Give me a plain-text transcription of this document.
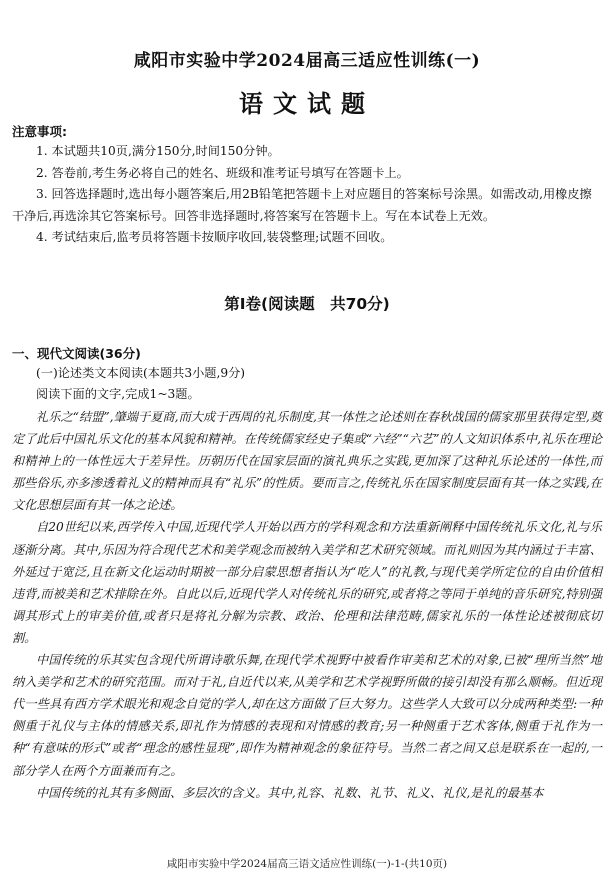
咸阳市实验中学2024届高三适应性训练(一)
语文试题
注意事项:

1. 本试题共10页,满分150分,时间150分钟。

2. 答卷前,考生务必将自己的姓名、班级和准考证号填写在答题卡上。

3. 回答选择题时,选出每小题答案后,用2B铅笔把答题卡上对应题目的答案标号涂黑。如需改动,用橡皮擦干净后,再选涂其它答案标号。回答非选择题时,将答案写在答题卡上。写在本试卷上无效。

4. 考试结束后,监考员将答题卡按顺序收回,装袋整理;试题不回收。

第Ⅰ卷(阅读题　共70分)
一、现代文阅读(36分)
(一)论述类文本阅读(本题共3小题,9分)
阅读下面的文字,完成1~3题。

礼乐之“结盟”,肇端于夏商,而大成于西周的礼乐制度,其一体性之论述则在春秋战国的儒家那里获得定型,奠定了此后中国礼乐文化的基本风貌和精神。在传统儒家经史子集或“六经”“六艺”的人文知识体系中,礼乐在理论和精神上的一体性远大于差异性。历朝历代在国家层面的演礼典乐之实践,更加深了这种礼乐论述的一体性,而那些俗乐,亦多渗透着礼义的精神而具有“礼乐”的性质。要而言之,传统礼乐在国家制度层面有其一体之实践,在文化思想层面有其一体之论述。

自20世纪以来,西学传入中国,近现代学人开始以西方的学科观念和方法重新阐释中国传统礼乐文化,礼与乐逐渐分离。其中,乐因为符合现代艺术和美学观念而被纳入美学和艺术研究领域。而礼则因为其内涵过于丰富、外延过于宽泛,且在新文化运动时期被一部分启蒙思想者指认为“吃人”的礼教,与现代美学所定位的自由价值相违背,而被美和艺术排除在外。自此以后,近现代学人对传统礼乐的研究,或者将之等同于单纯的音乐研究,特别强调其形式上的审美价值,或者只是将礼分解为宗教、政治、伦理和法律范畴,儒家礼乐的一体性论述被彻底切割。

中国传统的乐其实包含现代所谓诗歌乐舞,在现代学术视野中被看作审美和艺术的对象,已被“理所当然”地纳入美学和艺术的研究范围。而对于礼,自近代以来,从美学和艺术学视野所做的接引却没有那么顺畅。但近现代一些具有西方学术眼光和观念自觉的学人,却在这方面做了巨大努力。这些学人大致可以分成两种类型:一种侧重于礼仪与主体的情感关系,即礼作为情感的表现和对情感的教育;另一种侧重于艺术客体,侧重于礼作为一种“有意味的形式”或者“理念的感性显现”,即作为精神观念的象征符号。当然二者之间又总是联系在一起的,一部分学人在两个方面兼而有之。

中国传统的礼其有多侧面、多层次的含义。其中,礼容、礼数、礼节、礼义、礼仪,是礼的最基本

咸阳市实验中学2024届高三语文适应性训练(一)-1-(共10页)
